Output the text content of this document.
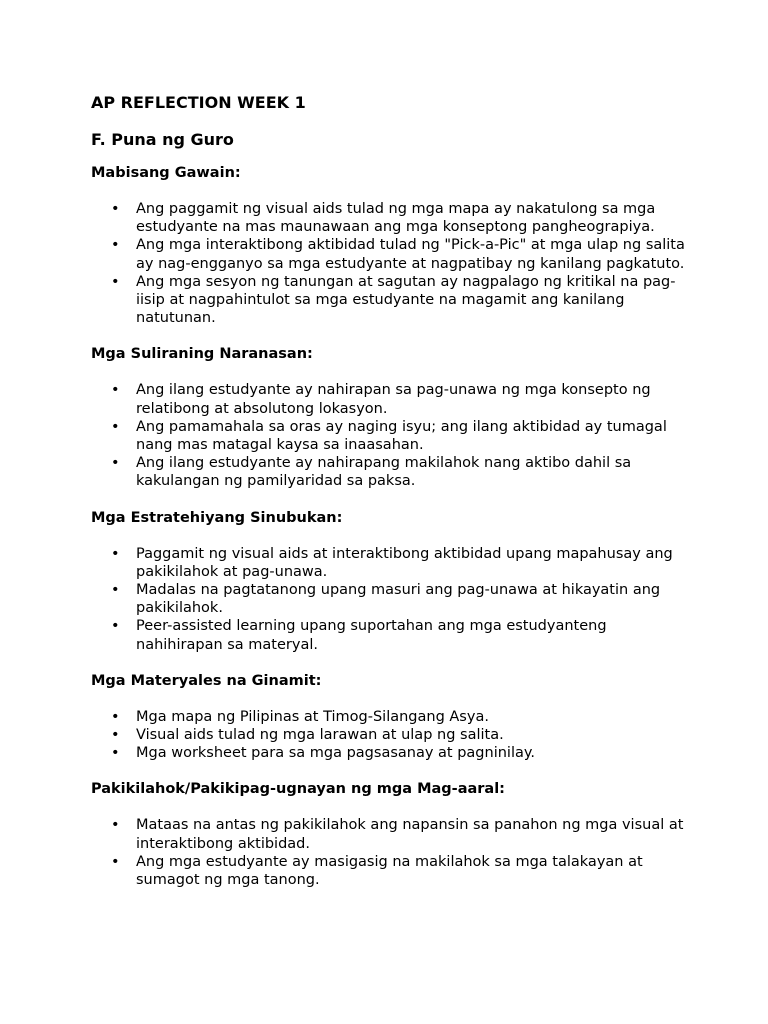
AP REFLECTION WEEK 1
F. Puna ng Guro
Mabisang Gawain:
• Ang paggamit ng visual aids tulad ng mga mapa ay nakatulong sa mga estudyante na mas maunawaan ang mga konseptong pangheograpiya.
• Ang mga interaktibong aktibidad tulad ng "Pick-a-Pic" at mga ulap ng salita ay nag-engganyo sa mga estudyante at nagpatibay ng kanilang pagkatuto.
• Ang mga sesyon ng tanungan at sagutan ay nagpalago ng kritikal na pag-iisip at nagpahintulot sa mga estudyante na magamit ang kanilang natutunan.
Mga Suliraning Naranasan:
• Ang ilang estudyante ay nahirapan sa pag-unawa ng mga konsepto ng relatibong at absolutong lokasyon.
• Ang pamamahala sa oras ay naging isyu; ang ilang aktibidad ay tumagal nang mas matagal kaysa sa inaasahan.
• Ang ilang estudyante ay nahirapang makilahok nang aktibo dahil sa kakulangan ng pamilyaridad sa paksa.
Mga Estratehiyang Sinubukan:
• Paggamit ng visual aids at interaktibong aktibidad upang mapahusay ang pakikilahok at pag-unawa.
• Madalas na pagtatanong upang masuri ang pag-unawa at hikayatin ang pakikilahok.
• Peer-assisted learning upang suportahan ang mga estudyanteng nahihirapan sa materyal.
Mga Materyales na Ginamit:
• Mga mapa ng Pilipinas at Timog-Silangang Asya.
• Visual aids tulad ng mga larawan at ulap ng salita.
• Mga worksheet para sa mga pagsasanay at pagninilay.
Pakikilahok/Pakikipag-ugnayan ng mga Mag-aaral:
• Mataas na antas ng pakikilahok ang napansin sa panahon ng mga visual at interaktibong aktibidad.
• Ang mga estudyante ay masigasig na makilahok sa mga talakayan at sumagot ng mga tanong.
